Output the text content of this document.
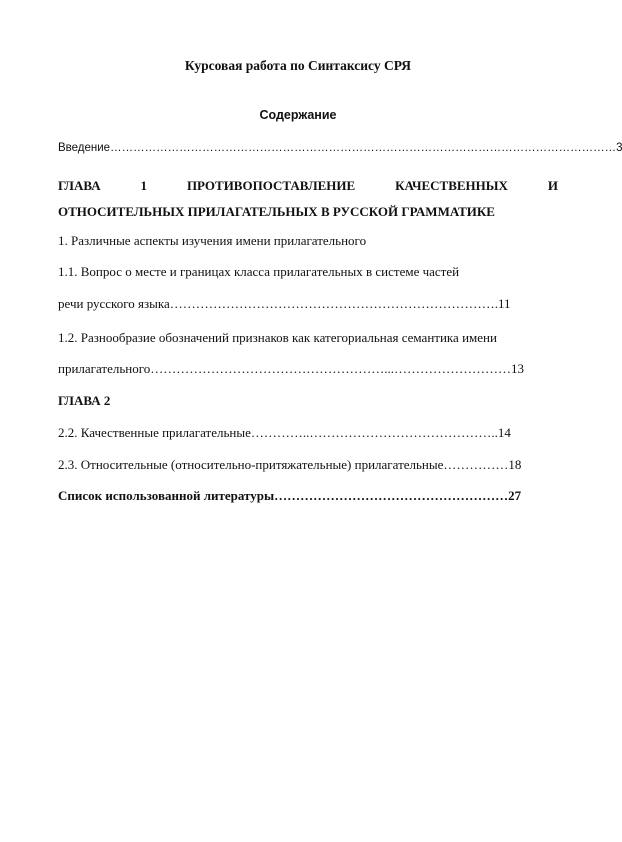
Курсовая работа по Синтаксису СРЯ
Содержание
Введение……………………………………………………………………………………………………………………3
ГЛАВА	1	ПРОТИВОПОСТАВЛЕНИЕ	КАЧЕСТВЕННЫХ	И
ОТНОСИТЕЛЬНЫХ ПРИЛАГАТЕЛЬНЫХ В РУССКОЙ ГРАММАТИКЕ
1. Различные аспекты изучения имени прилагательного
1.1. Вопрос о месте и границах класса прилагательных в системе частей
речи русского языка………………………………………………………………….11
1.2. Разнообразие обозначений признаков как категориальная семантика имени
прилагательного………………………………………………...………………………13
ГЛАВА 2
2.2. Качественные прилагательные…………..……………………………………..14
2.3. Относительные (относительно-притяжательные) прилагательные……………18
Список использованной литературы………………………………………………27
